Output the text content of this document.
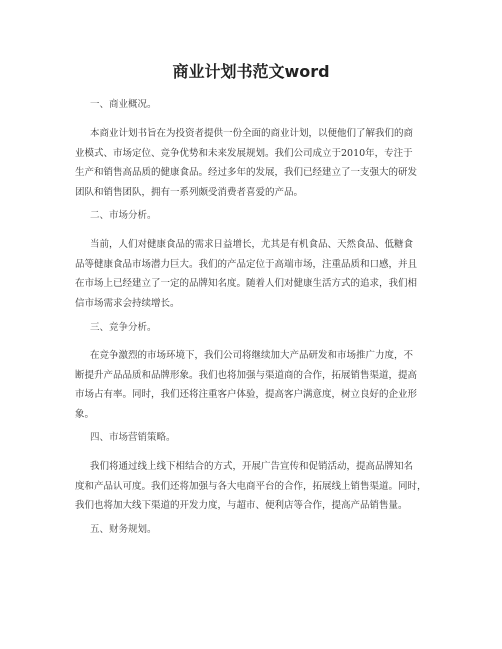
商业计划书范文word
一、商业概况。
本商业计划书旨在为投资者提供一份全面的商业计划，以便他们了解我们的商
业模式、市场定位、竞争优势和未来发展规划。我们公司成立于2010年，专注于
生产和销售高品质的健康食品。经过多年的发展，我们已经建立了一支强大的研发
团队和销售团队，拥有一系列颇受消费者喜爱的产品。
二、市场分析。
当前，人们对健康食品的需求日益增长，尤其是有机食品、天然食品、低糖食
品等健康食品市场潜力巨大。我们的产品定位于高端市场，注重品质和口感，并且
在市场上已经建立了一定的品牌知名度。随着人们对健康生活方式的追求，我们相
信市场需求会持续增长。
三、竞争分析。
在竞争激烈的市场环境下，我们公司将继续加大产品研发和市场推广力度，不
断提升产品品质和品牌形象。我们也将加强与渠道商的合作，拓展销售渠道，提高
市场占有率。同时，我们还将注重客户体验，提高客户满意度，树立良好的企业形
象。
四、市场营销策略。
我们将通过线上线下相结合的方式，开展广告宣传和促销活动，提高品牌知名
度和产品认可度。我们还将加强与各大电商平台的合作，拓展线上销售渠道。同时，
我们也将加大线下渠道的开发力度，与超市、便利店等合作，提高产品销售量。
五、财务规划。
